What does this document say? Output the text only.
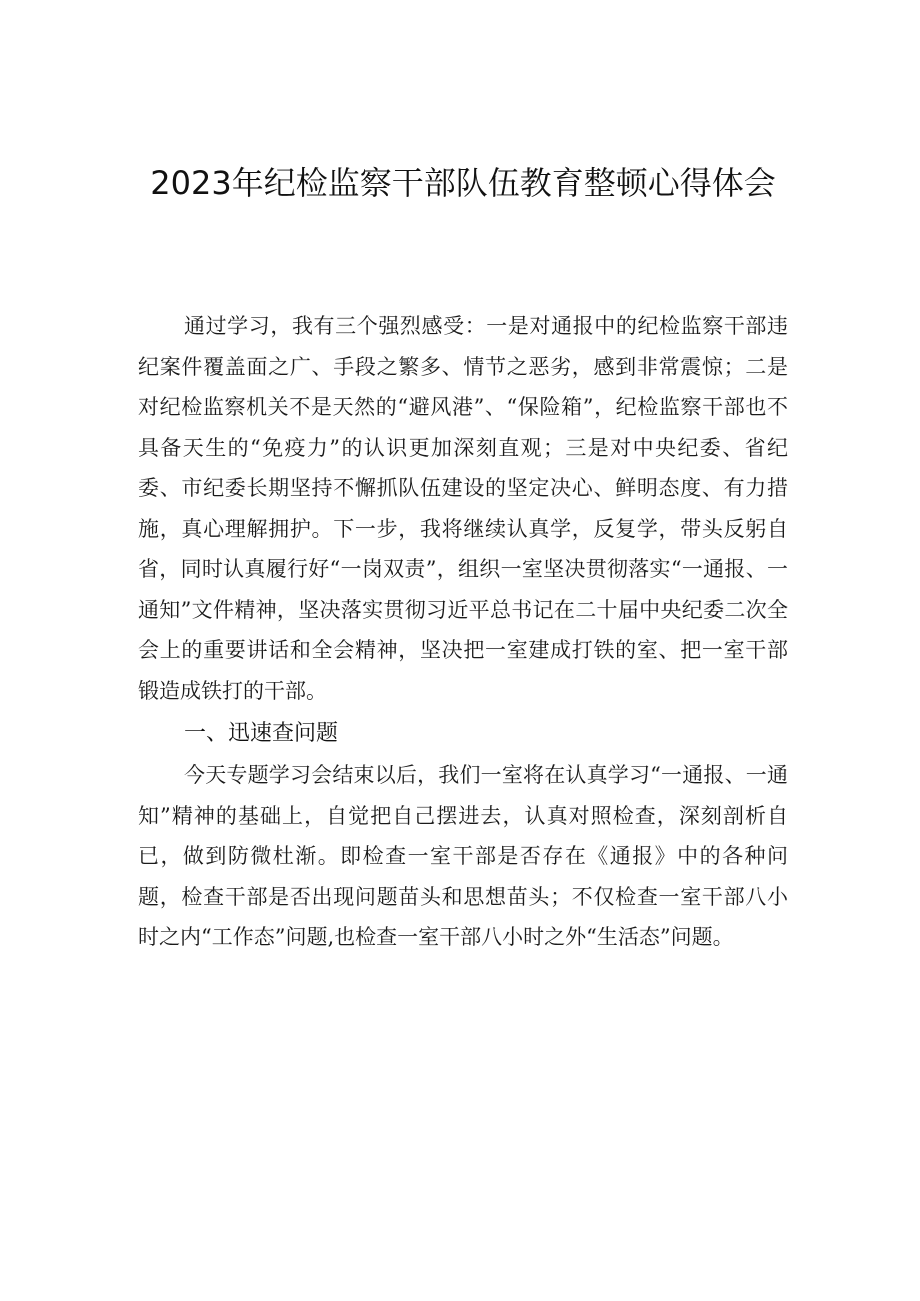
2023年纪检监察干部队伍教育整顿心得体会

通过学习，我有三个强烈感受：一是对通报中的纪检监察干部违纪案件覆盖面之广、手段之繁多、情节之恶劣，感到非常震惊；二是对纪检监察机关不是天然的“避风港”、“保险箱”，纪检监察干部也不具备天生的“免疫力”的认识更加深刻直观；三是对中央纪委、省纪委、市纪委长期坚持不懈抓队伍建设的坚定决心、鲜明态度、有力措施，真心理解拥护。下一步，我将继续认真学，反复学，带头反躬自省，同时认真履行好“一岗双责”，组织一室坚决贯彻落实“一通报、一通知”文件精神，坚决落实贯彻习近平总书记在二十届中央纪委二次全会上的重要讲话和全会精神，坚决把一室建成打铁的室、把一室干部锻造成铁打的干部。

一、迅速查问题

今天专题学习会结束以后，我们一室将在认真学习“一通报、一通知”精神的基础上，自觉把自己摆进去，认真对照检查，深刻剖析自已，做到防微杜渐。即检查一室干部是否存在《通报》中的各种问题，检查干部是否出现问题苗头和思想苗头；不仅检查一室干部八小时之内“工作态”问题,也检查一室干部八小时之外“生活态”问题。
